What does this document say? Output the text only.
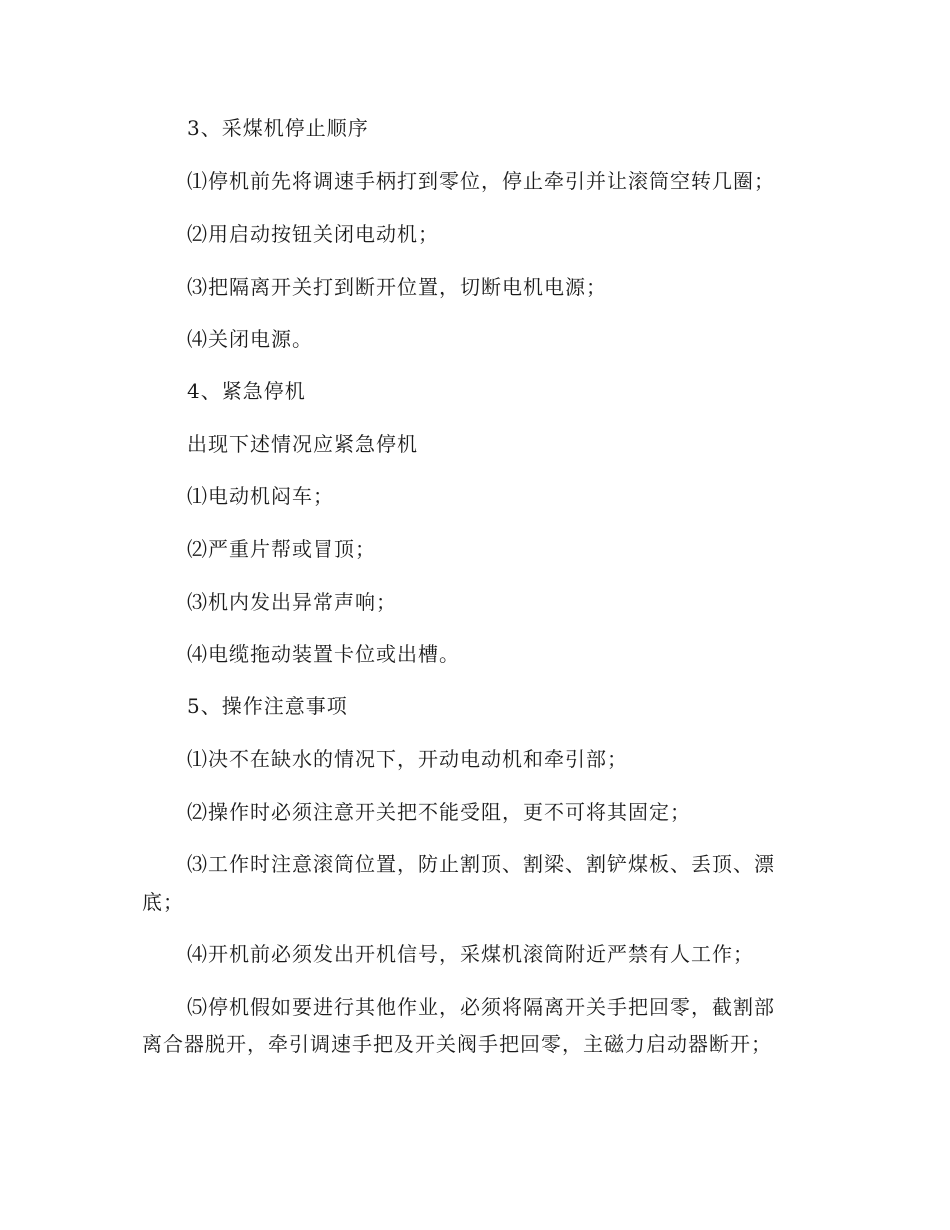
3、采煤机停止顺序
⑴停机前先将调速手柄打到零位，停止牵引并让滚筒空转几圈；
⑵用启动按钮关闭电动机；
⑶把隔离开关打到断开位置，切断电机电源；
⑷关闭电源。
4、紧急停机
出现下述情况应紧急停机
⑴电动机闷车；
⑵严重片帮或冒顶；
⑶机内发出异常声响；
⑷电缆拖动装置卡位或出槽。
5、操作注意事项
⑴决不在缺水的情况下，开动电动机和牵引部；
⑵操作时必须注意开关把不能受阻，更不可将其固定；
⑶工作时注意滚筒位置，防止割顶、割梁、割铲煤板、丢顶、漂
底；
⑷开机前必须发出开机信号，采煤机滚筒附近严禁有人工作；
⑸停机假如要进行其他作业，必须将隔离开关手把回零，截割部
离合器脱开，牵引调速手把及开关阀手把回零，主磁力启动器断开；
